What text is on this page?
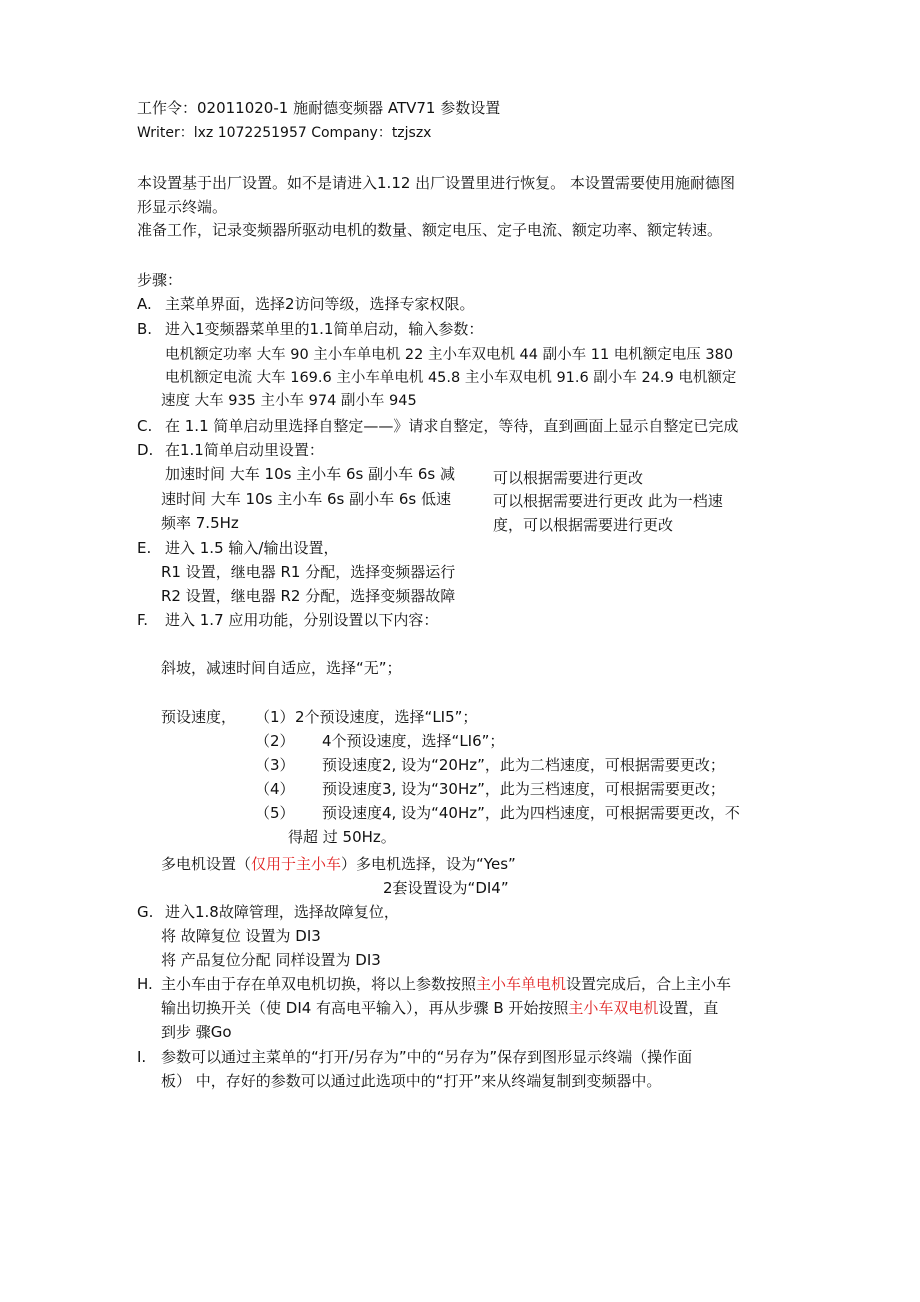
工作令：02011020-1 施耐德变频器 ATV71 参数设置
Writer：lxz 1072251957 Company：tzjszx
本设置基于出厂设置。如不是请进入1.12 出厂设置里进行恢复。 本设置需要使用施耐德图
形显示终端。
准备工作，记录变频器所驱动电机的数量、额定电压、定子电流、额定功率、额定转速。
步骤：
A. 主菜单界面，选择2访问等级，选择专家权限。
B. 进入1变频器菜单里的1.1简单启动，输入参数：
电机额定功率 大车 90 主小车单电机 22 主小车双电机 44 副小车 11 电机额定电压 380
电机额定电流 大车 169.6 主小车单电机 45.8 主小车双电机 91.6 副小车 24.9 电机额定
速度 大车 935 主小车 974 副小车 945
C. 在 1.1 简单启动里选择自整定——》请求自整定，等待，直到画面上显示自整定已完成
D. 在1.1简单启动里设置：
加速时间 大车 10s 主小车 6s 副小车 6s 减
速时间 大车 10s 主小车 6s 副小车 6s 低速
频率 7.5Hz
可以根据需要进行更改
可以根据需要进行更改 此为一档速
度，可以根据需要进行更改
E. 进入 1.5 输入/输出设置，
R1 设置，继电器 R1 分配，选择变频器运行
R2 设置，继电器 R2 分配，选择变频器故障
F.	进入 1.7 应用功能，分别设置以下内容：
斜坡，减速时间自适应，选择“无”；
预设速度， （1） 2个预设速度，选择“LI5”；
（2） 4个预设速度，选择“LI6”；
（3） 预设速度2, 设为“20Hz”，此为二档速度，可根据需要更改；
（4） 预设速度3, 设为“30Hz”，此为三档速度，可根据需要更改；
（5） 预设速度4, 设为“40Hz”，此为四档速度，可根据需要更改，不
得超 过 50Hz。
多电机设置（仅用于主小车）多电机选择，设为“Yes”
2套设置设为“DI4”
G. 进入1.8故障管理，选择故障复位，
将 故障复位 设置为 DI3
将 产品复位分配 同样设置为 DI3
H. 主小车由于存在单双电机切换，将以上参数按照主小车单电机设置完成后，合上主小车
输出切换开关（使 DI4 有高电平输入），再从步骤 B 开始按照主小车双电机设置，直
到步 骤Go
I. 参数可以通过主菜单的“打开/另存为”中的“另存为”保存到图形显示终端（操作面
板） 中，存好的参数可以通过此选项中的“打开”来从终端复制到变频器中。
